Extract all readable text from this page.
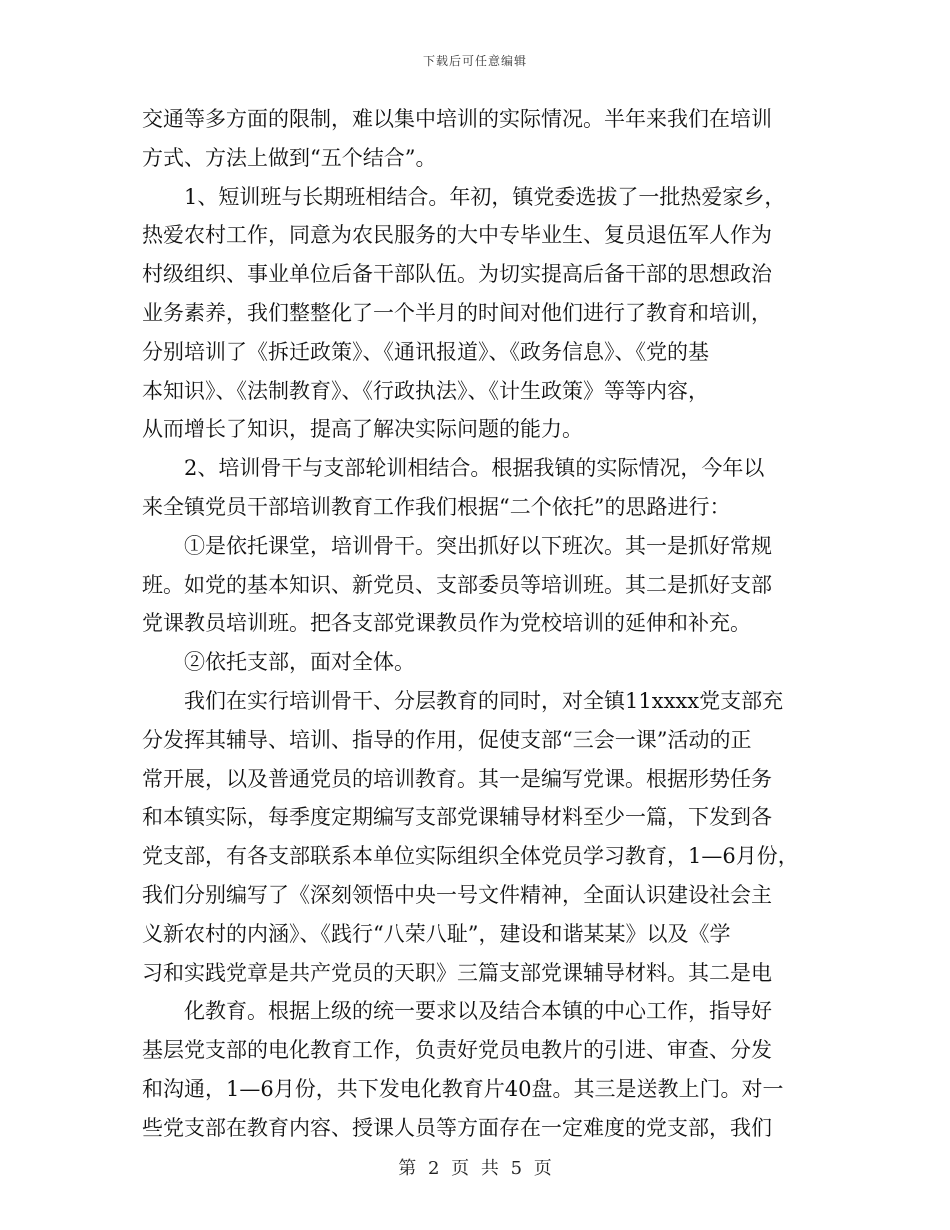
下载后可任意编辑
交通等多方面的限制，难以集中培训的实际情况。半年来我们在培训
方式、方法上做到“五个结合”。
1、短训班与长期班相结合。年初，镇党委选拔了一批热爱家乡，
热爱农村工作，同意为农民服务的大中专毕业生、复员退伍军人作为
村级组织、事业单位后备干部队伍。为切实提高后备干部的思想政治
业务素养，我们整整化了一个半月的时间对他们进行了教育和培训，
分别培训了《拆迁政策》、《通讯报道》、《政务信息》、《党的基
本知识》、《法制教育》、《行政执法》、《计生政策》等等内容，
从而增长了知识，提高了解决实际问题的能力。
2、培训骨干与支部轮训相结合。根据我镇的实际情况，今年以
来全镇党员干部培训教育工作我们根据“二个依托”的思路进行：
①是依托课堂，培训骨干。突出抓好以下班次。其一是抓好常规
班。如党的基本知识、新党员、支部委员等培训班。其二是抓好支部
党课教员培训班。把各支部党课教员作为党校培训的延伸和补充。
②依托支部，面对全体。
我们在实行培训骨干、分层教育的同时，对全镇11xxxx党支部充
分发挥其辅导、培训、指导的作用，促使支部“三会一课”活动的正
常开展，以及普通党员的培训教育。其一是编写党课。根据形势任务
和本镇实际，每季度定期编写支部党课辅导材料至少一篇，下发到各
党支部，有各支部联系本单位实际组织全体党员学习教育，1—6月份，
我们分别编写了《深刻领悟中央一号文件精神，全面认识建设社会主
义新农村的内涵》、《践行“八荣八耻”，建设和谐某某》以及《学
习和实践党章是共产党员的天职》三篇支部党课辅导材料。其二是电
化教育。根据上级的统一要求以及结合本镇的中心工作，指导好
基层党支部的电化教育工作，负责好党员电教片的引进、审查、分发
和沟通，1—6月份，共下发电化教育片40盘。其三是送教上门。对一
些党支部在教育内容、授课人员等方面存在一定难度的党支部，我们
第 2 页 共 5 页
